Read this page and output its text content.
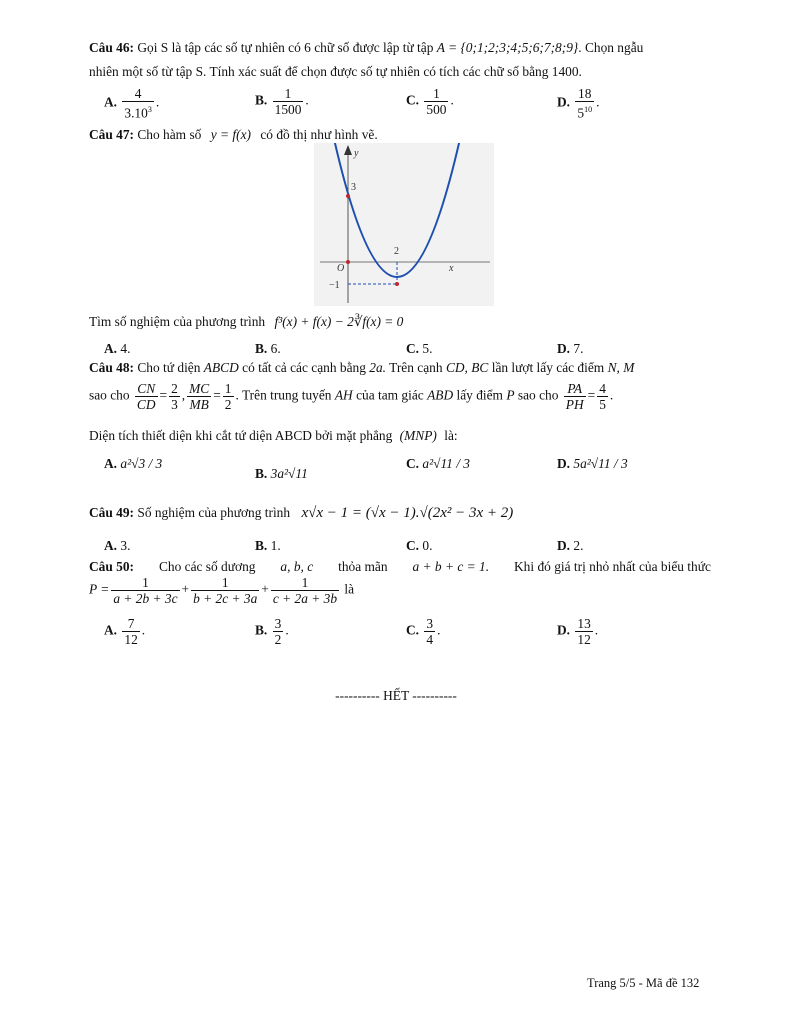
Câu 46: Gọi S là tập các số tự nhiên có 6 chữ số được lập từ tập A = {0;1;2;3;4;5;6;7;8;9}. Chọn ngẫu
nhiên một số từ tập S. Tính xác suất để chọn được số tự nhiên có tích các chữ số bằng 1400.
A. $\frac{4}{3.10^3}$ .	B. $\frac{1}{1500}$ .	C. $\frac{1}{500}$ .	D. $\frac{18}{5^{10}}$ .
Câu 47: Cho hàm số y = f(x) có đồ thị như hình vẽ.
y
x
3
2
O
−1
Tìm số nghiệm của phương trình f³(x) + f(x) − 2∛f(x) = 0
A. 4.	B. 6.	C. 5.	D. 7.
Câu 48: Cho tứ diện ABCD có tất cả các cạnh bằng 2a. Trên cạnh CD, BC lần lượt lấy các điểm N, M
sao cho $\frac{CN}{CD} = \frac{2}{3}$ , $\frac{MC}{MB} = \frac{1}{2}$ . Trên trung tuyến AH của tam giác ABD lấy điểm P sao cho $\frac{PA}{PH} = \frac{4}{5}$ .
Diện tích thiết diện khi cắt tứ diện ABCD bởi mặt phẳng (MNP) là:
A. a²√3 / 3
B. 3a²√11
C. a²√11 / 3	D. 5a²√11 / 3
Câu 49: Số nghiệm của phương trình x√x − 1 = (√x − 1).√(2x² − 3x + 2)
A. 3.	B. 1.	C. 0.	D. 2.
Câu 50: Cho các số dương a, b, c thỏa mãn a + b + c = 1. Khi đó giá trị nhỏ nhất của biểu thức
$P = \frac{1}{a + 2b + 3c} + \frac{1}{b + 2c + 3a} + \frac{1}{c + 2a + 3b}$ là
A. $\frac{7}{12}$ .	B. $\frac{3}{2}$ .	C. $\frac{3}{4}$ .	D. $\frac{13}{12}$ .
---------- HẾT ----------
Trang 5/5 - Mã đề 132
